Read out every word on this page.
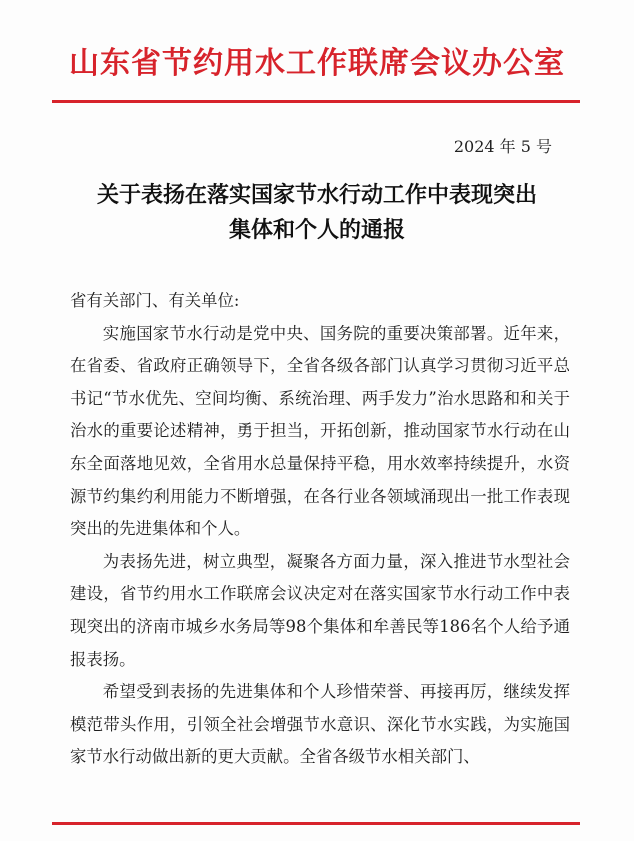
山东省节约用水工作联席会议办公室
2024 年 5 号
关于表扬在落实国家节水行动工作中表现突出
集体和个人的通报

省有关部门、有关单位:

实施国家节水行动是党中央、国务院的重要决策部署。近年来，在省委、省政府正确领导下，全省各级各部门认真学习贯彻习近平总书记“节水优先、空间均衡、系统治理、两手发力”治水思路和和关于治水的重要论述精神，勇于担当，开拓创新，推动国家节水行动在山东全面落地见效，全省用水总量保持平稳，用水效率持续提升，水资源节约集约利用能力不断增强，在各行业各领域涌现出一批工作表现突出的先进集体和个人。

为表扬先进，树立典型，凝聚各方面力量，深入推进节水型社会建设，省节约用水工作联席会议决定对在落实国家节水行动工作中表现突出的济南市城乡水务局等98个集体和牟善民等186名个人给予通报表扬。

希望受到表扬的先进集体和个人珍惜荣誉、再接再厉，继续发挥模范带头作用，引领全社会增强节水意识、深化节水实践，为实施国家节水行动做出新的更大贡献。全省各级节水相关部门、
